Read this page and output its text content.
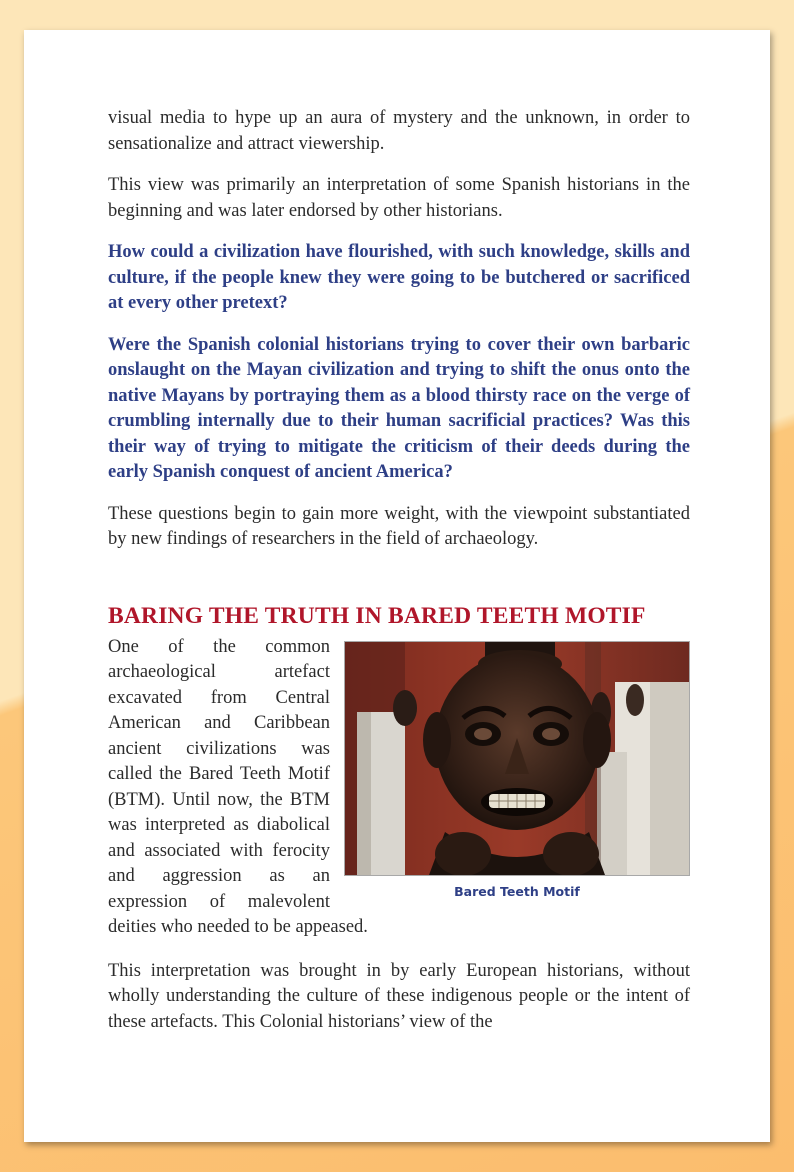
visual media to hype up an aura of mystery and the unknown, in order to sensationalize and attract viewership.

This view was primarily an interpretation of some Spanish historians in the beginning and was later endorsed by other historians.

How could a civilization have flourished, with such knowledge, skills and culture, if the people knew they were going to be butchered or sacrificed at every other pretext?

Were the Spanish colonial historians trying to cover their own barbaric onslaught on the Mayan civilization and trying to shift the onus onto the native Mayans by portraying them as a blood thirsty race on the verge of crumbling internally due to their human sacrificial practices? Was this their way of trying to mitigate the criticism of their deeds during the early Spanish conquest of ancient America?

These questions begin to gain more weight, with the viewpoint substantiated by new findings of researchers in the field of archaeology.

BARING THE TRUTH IN BARED TEETH MOTIF
Bared Teeth Motif

One of the common archaeological artefact excavated from Central American and Caribbean ancient civilizations was called the Bared Teeth Motif (BTM). Until now, the BTM was interpreted as diabolical and associated with ferocity and aggression as an expression of malevolent deities who needed to be appeased.

This interpretation was brought in by early European historians, without wholly understanding the culture of these indigenous people or the intent of these artefacts. This Colonial historians’ view of the
